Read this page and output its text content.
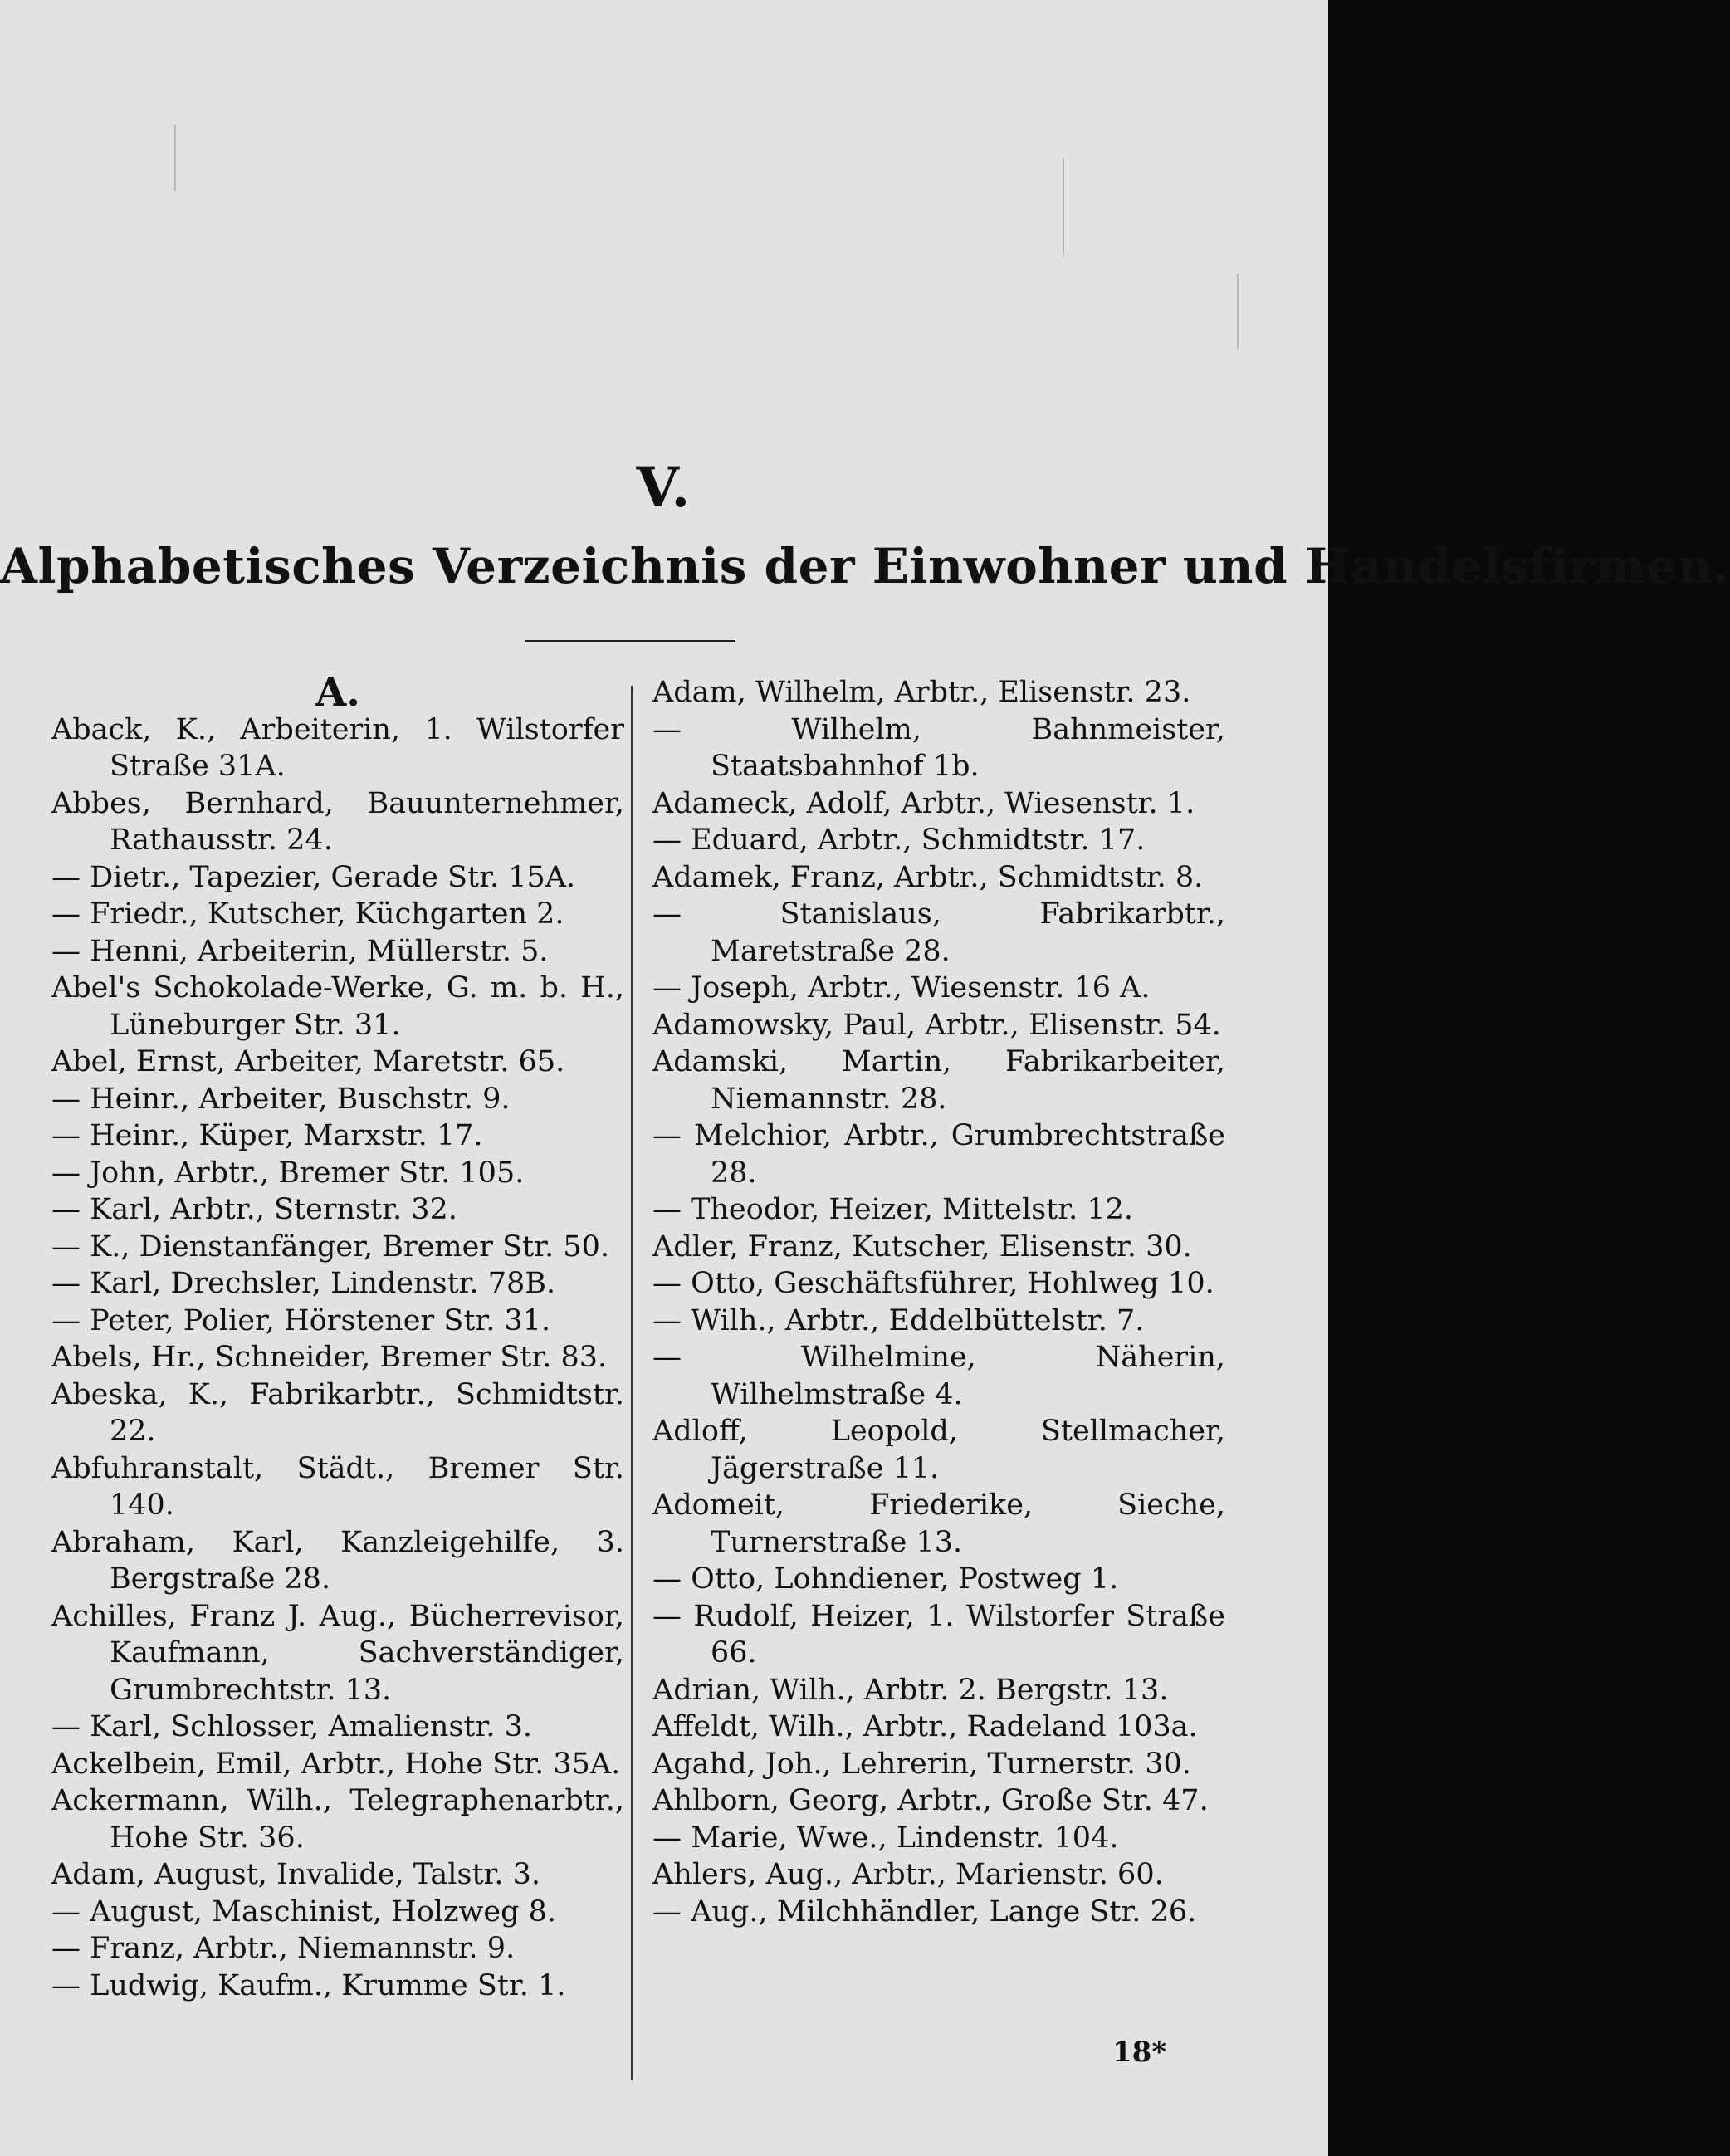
V.
Alphabetisches Verzeichnis der Einwohner und Handelsfirmen.
A.
Aback, K., Arbeiterin, 1. Wilstorfer Straße 31A.
Abbes, Bernhard, Bauunternehmer, Rathausstr. 24.
— Dietr., Tapezier, Gerade Str. 15A.
— Friedr., Kutscher, Küchgarten 2.
— Henni, Arbeiterin, Müllerstr. 5.
Abel's Schokolade-Werke, G. m. b. H., Lüneburger Str. 31.
Abel, Ernst, Arbeiter, Maretstr. 65.
— Heinr., Arbeiter, Buschstr. 9.
— Heinr., Küper, Marxstr. 17.
— John, Arbtr., Bremer Str. 105.
— Karl, Arbtr., Sternstr. 32.
— K., Dienstanfänger, Bremer Str. 50.
— Karl, Drechsler, Lindenstr. 78B.
— Peter, Polier, Hörstener Str. 31.
Abels, Hr., Schneider, Bremer Str. 83.
Abeska, K., Fabrikarbtr., Schmidtstr. 22.
Abfuhranstalt, Städt., Bremer Str. 140.
Abraham, Karl, Kanzleigehilfe, 3. Bergstraße 28.
Achilles, Franz J. Aug., Bücherrevisor, Kaufmann, Sachverständiger, Grumbrechtstr. 13.
— Karl, Schlosser, Amalienstr. 3.
Ackelbein, Emil, Arbtr., Hohe Str. 35A.
Ackermann, Wilh., Telegraphenarbtr., Hohe Str. 36.
Adam, August, Invalide, Talstr. 3.
— August, Maschinist, Holzweg 8.
— Franz, Arbtr., Niemannstr. 9.
— Ludwig, Kaufm., Krumme Str. 1.
Adam, Wilhelm, Arbtr., Elisenstr. 23.
— Wilhelm, Bahnmeister, Staatsbahnhof 1b.
Adameck, Adolf, Arbtr., Wiesenstr. 1.
— Eduard, Arbtr., Schmidtstr. 17.
Adamek, Franz, Arbtr., Schmidtstr. 8.
— Stanislaus, Fabrikarbtr., Maretstraße 28.
— Joseph, Arbtr., Wiesenstr. 16 A.
Adamowsky, Paul, Arbtr., Elisenstr. 54.
Adamski, Martin, Fabrikarbeiter, Niemannstr. 28.
— Melchior, Arbtr., Grumbrechtstraße 28.
— Theodor, Heizer, Mittelstr. 12.
Adler, Franz, Kutscher, Elisenstr. 30.
— Otto, Geschäftsführer, Hohlweg 10.
— Wilh., Arbtr., Eddelbüttelstr. 7.
— Wilhelmine, Näherin, Wilhelmstraße 4.
Adloff, Leopold, Stellmacher, Jägerstraße 11.
Adomeit, Friederike, Sieche, Turnerstraße 13.
— Otto, Lohndiener, Postweg 1.
— Rudolf, Heizer, 1. Wilstorfer Straße 66.
Adrian, Wilh., Arbtr. 2. Bergstr. 13.
Affeldt, Wilh., Arbtr., Radeland 103a.
Agahd, Joh., Lehrerin, Turnerstr. 30.
Ahlborn, Georg, Arbtr., Große Str. 47.
— Marie, Wwe., Lindenstr. 104.
Ahlers, Aug., Arbtr., Marienstr. 60.
— Aug., Milchhändler, Lange Str. 26.
18*
